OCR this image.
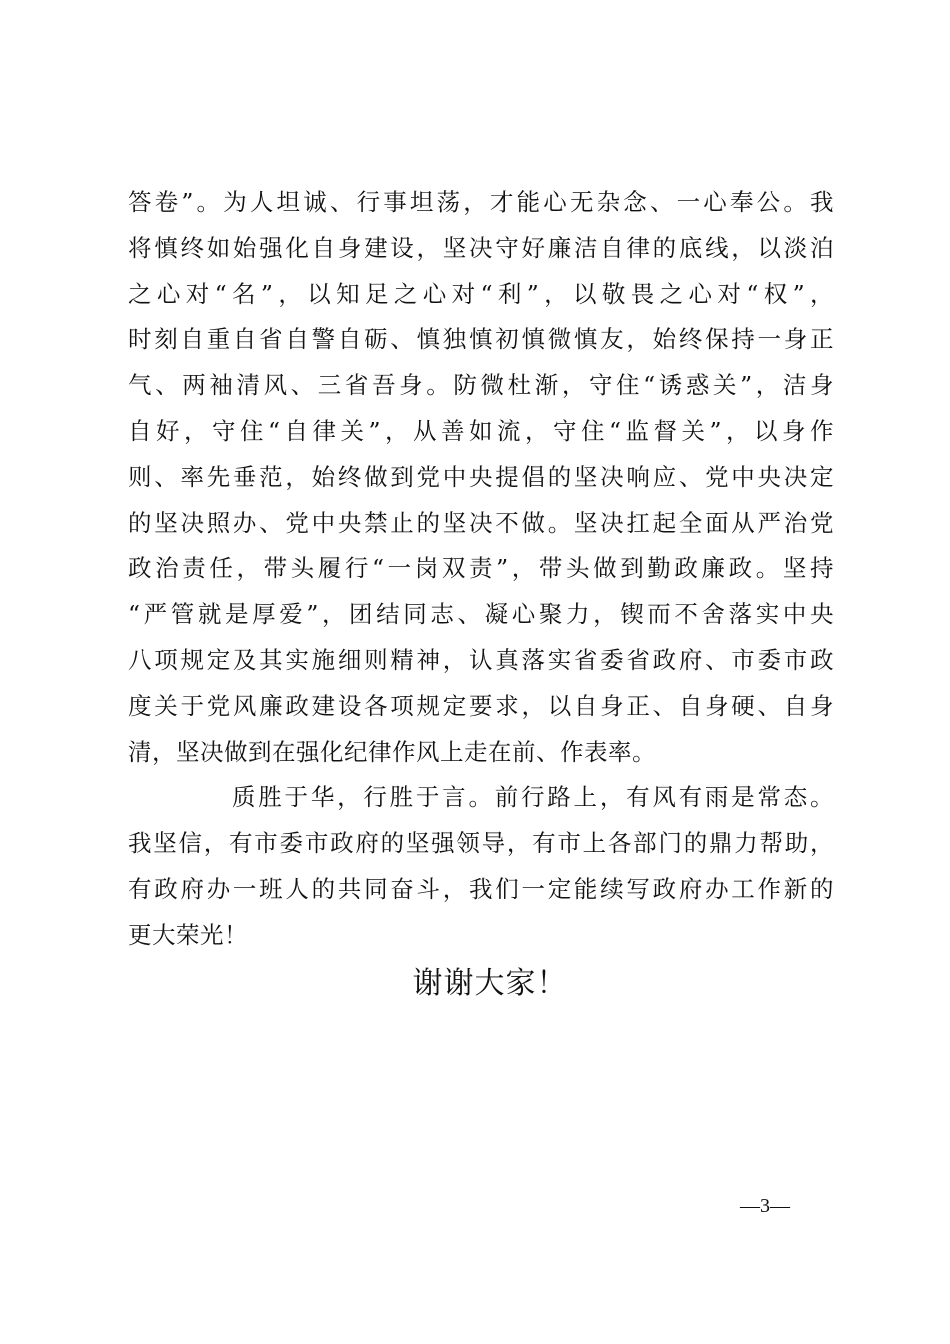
答卷”。为人坦诚、行事坦荡，才能心无杂念、一心奉公。我
将慎终如始强化自身建设，坚决守好廉洁自律的底线，以淡泊
之心对“名”，以知足之心对“利”，以敬畏之心对“权”，
时刻自重自省自警自砺、慎独慎初慎微慎友，始终保持一身正
气、两袖清风、三省吾身。防微杜渐，守住“诱惑关”，洁身
自好，守住“自律关”，从善如流，守住“监督关”，以身作
则、率先垂范，始终做到党中央提倡的坚决响应、党中央决定
的坚决照办、党中央禁止的坚决不做。坚决扛起全面从严治党
政治责任，带头履行“一岗双责”，带头做到勤政廉政。坚持
“严管就是厚爱”，团结同志、凝心聚力，锲而不舍落实中央
八项规定及其实施细则精神，认真落实省委省政府、市委市政
度关于党风廉政建设各项规定要求，以自身正、自身硬、自身
清，坚决做到在强化纪律作风上走在前、作表率。
质胜于华，行胜于言。前行路上，有风有雨是常态。
我坚信，有市委市政府的坚强领导，有市上各部门的鼎力帮助，
有政府办一班人的共同奋斗，我们一定能续写政府办工作新的
更大荣光！
谢谢大家！
—3—
